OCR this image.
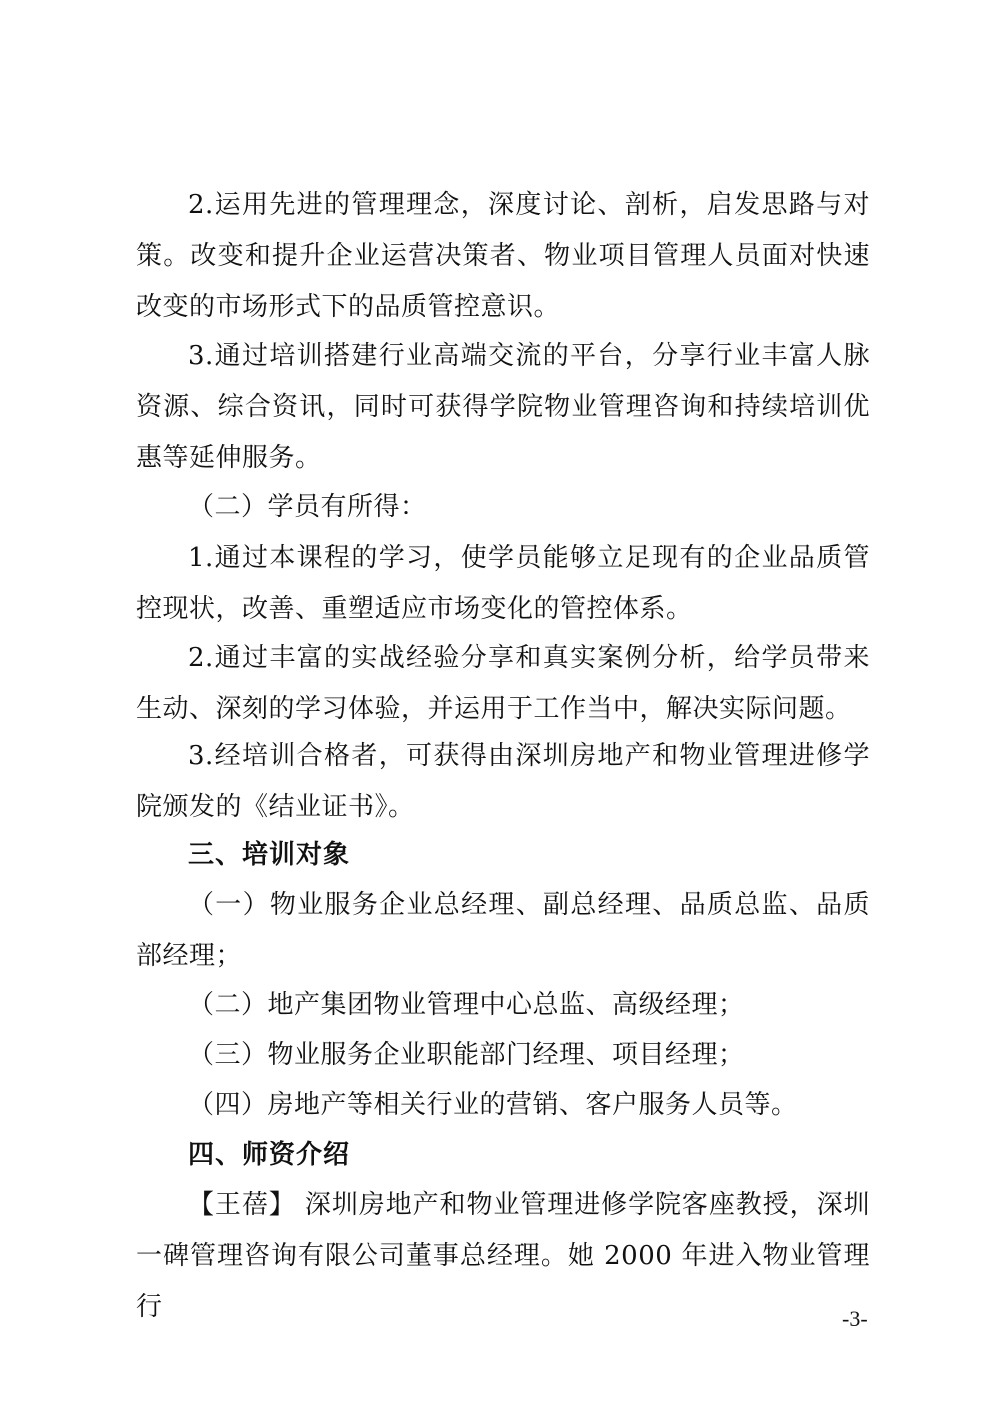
2.运用先进的管理理念，深度讨论、剖析，启发思路与对策。改变和提升企业运营决策者、物业项目管理人员面对快速改变的市场形式下的品质管控意识。

3.通过培训搭建行业高端交流的平台，分享行业丰富人脉资源、综合资讯，同时可获得学院物业管理咨询和持续培训优惠等延伸服务。

（二）学员有所得：

1.通过本课程的学习，使学员能够立足现有的企业品质管控现状，改善、重塑适应市场变化的管控体系。

2.通过丰富的实战经验分享和真实案例分析，给学员带来生动、深刻的学习体验，并运用于工作当中，解决实际问题。

3.经培训合格者，可获得由深圳房地产和物业管理进修学院颁发的《结业证书》。

三、培训对象

（一）物业服务企业总经理、副总经理、品质总监、品质部经理；

（二）地产集团物业管理中心总监、高级经理；

（三）物业服务企业职能部门经理、项目经理；

（四）房地产等相关行业的营销、客户服务人员等。

四、师资介绍

【王蓓】 深圳房地产和物业管理进修学院客座教授，深圳一碑管理咨询有限公司董事总经理。她 2000 年进入物业管理行	-3-
